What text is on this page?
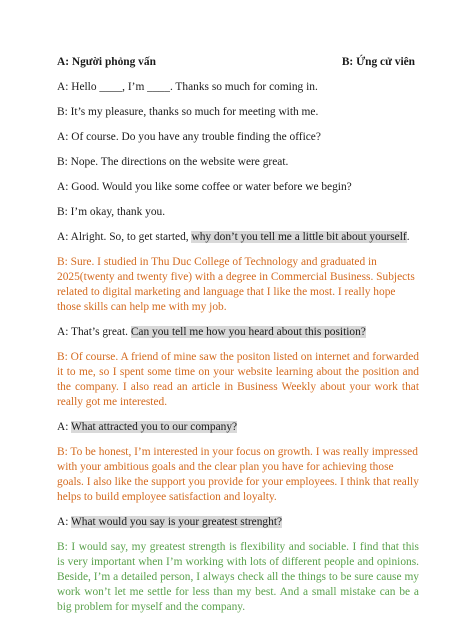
A: Người phỏng vấn	B: Ứng cử viên

A: Hello ____, I’m ____. Thanks so much for coming in.

B: It’s my pleasure, thanks so much for meeting with me.

A: Of course. Do you have any trouble finding the office?

B: Nope. The directions on the website were great.

A: Good. Would you like some coffee or water before we begin?

B: I’m okay, thank you.

A: Alright. So, to get started, why don’t you tell me a little bit about yourself.

B: Sure. I studied in Thu Duc College of Technology and graduated in 2025(twenty and twenty five) with a degree in Commercial Business. Subjects related to digital marketing and language that I like the most. I really hope those skills can help me with my job.

A: That’s great. Can you tell me how you heard about this position?

B: Of course. A friend of mine saw the positon listed on internet and forwarded it to me, so I spent some time on your website learning about the position and the company. I also read an article in Business Weekly about your work that really got me interested.

A: What attracted you to our company?

B: To be honest, I’m interested in your focus on growth. I was really impressed with your ambitious goals and the clear plan you have for achieving those goals. I also like the support you provide for your employees. I think that really helps to build employee satisfaction and loyalty.

A: What would you say is your greatest strenght?

B: I would say, my greatest strength is flexibility and sociable. I find that this is very important when I’m working with lots of different people and opinions. Beside, I’m a detailed person, I always check all the things to be sure cause my work won’t let me settle for less than my best. And a small mistake can be a big problem for myself and the company.
